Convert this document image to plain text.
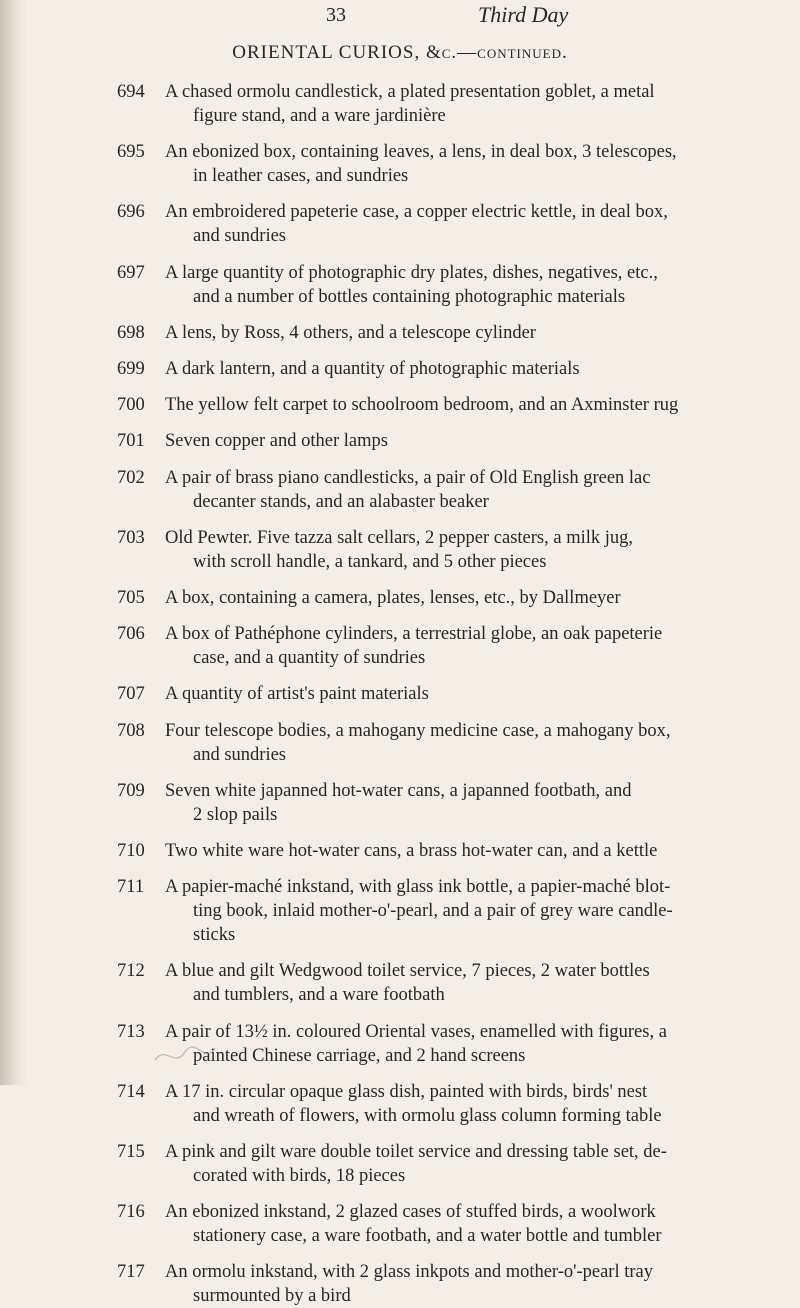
33	Third Day
ORIENTAL CURIOS, &c.—continued.
694	A chased ormolu candlestick, a plated presentation goblet, a metal
figure stand, and a ware jardinière
695	An ebonized box, containing leaves, a lens, in deal box, 3 telescopes,
in leather cases, and sundries
696	An embroidered papeterie case, a copper electric kettle, in deal box,
and sundries
697	A large quantity of photographic dry plates, dishes, negatives, etc.,
and a number of bottles containing photographic materials
698	A lens, by Ross, 4 others, and a telescope cylinder
699	A dark lantern, and a quantity of photographic materials
700	The yellow felt carpet to schoolroom bedroom, and an Axminster rug
701	Seven copper and other lamps
702	A pair of brass piano candlesticks, a pair of Old English green lac
decanter stands, and an alabaster beaker
703	Old Pewter. Five tazza salt cellars, 2 pepper casters, a milk jug,
with scroll handle, a tankard, and 5 other pieces
705	A box, containing a camera, plates, lenses, etc., by Dallmeyer
706	A box of Pathéphone cylinders, a terrestrial globe, an oak papeterie
case, and a quantity of sundries
707	A quantity of artist's paint materials
708	Four telescope bodies, a mahogany medicine case, a mahogany box,
and sundries
709	Seven white japanned hot-water cans, a japanned footbath, and
2 slop pails
710	Two white ware hot-water cans, a brass hot-water can, and a kettle
711	A papier-maché inkstand, with glass ink bottle, a papier-maché blot-
ting book, inlaid mother-o'-pearl, and a pair of grey ware candle-
sticks
712	A blue and gilt Wedgwood toilet service, 7 pieces, 2 water bottles
and tumblers, and a ware footbath
713	A pair of 13½ in. coloured Oriental vases, enamelled with figures, a
painted Chinese carriage, and 2 hand screens
714	A 17 in. circular opaque glass dish, painted with birds, birds' nest
and wreath of flowers, with ormolu glass column forming table
715	A pink and gilt ware double toilet service and dressing table set, de-
corated with birds, 18 pieces
716	An ebonized inkstand, 2 glazed cases of stuffed birds, a woolwork
stationery case, a ware footbath, and a water bottle and tumbler
717	An ormolu inkstand, with 2 glass inkpots and mother-o'-pearl tray
surmounted by a bird
